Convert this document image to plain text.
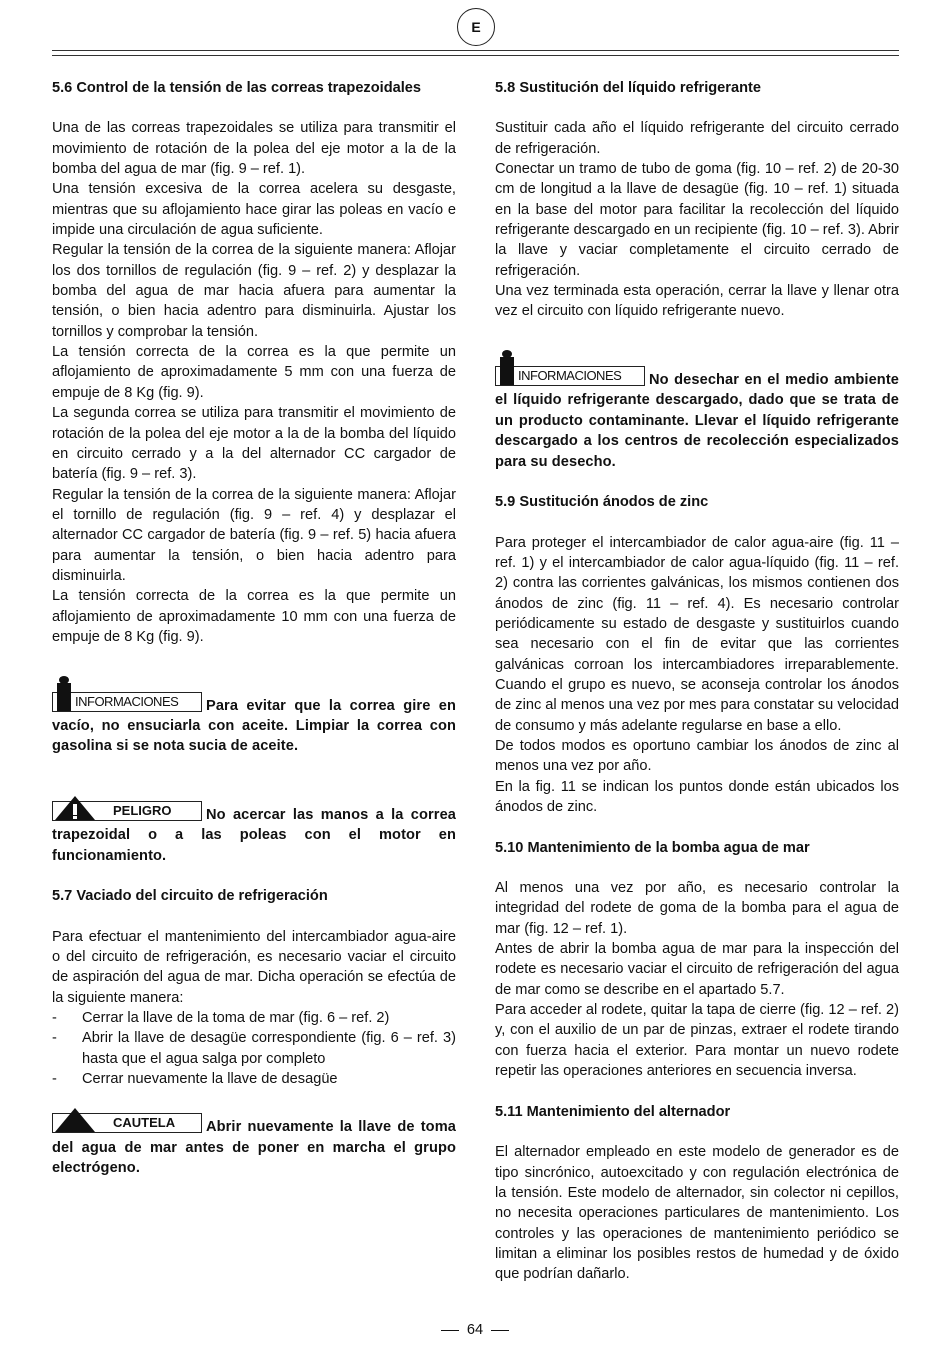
E
5.6 Control de la tensión de las correas trapezoidales

Una de las correas trapezoidales se utiliza para transmitir el movimiento de rotación de la polea del eje motor a la de la bomba del agua de mar (fig. 9 – ref. 1).

Una tensión excesiva de la correa acelera su desgaste, mientras que su aflojamiento hace girar las poleas en vacío e impide una circulación de agua suficiente.

Regular la tensión de la correa de la siguiente manera: Aflojar los dos tornillos de regulación (fig. 9 – ref. 2) y desplazar la bomba del agua de mar hacia afuera para aumentar la tensión, o bien hacia adentro para disminuirla. Ajustar los tornillos y comprobar la tensión.

La tensión correcta de la correa es la que permite un aflojamiento de aproximadamente 5 mm con una fuerza de empuje de 8 Kg (fig. 9).

La segunda correa se utiliza para transmitir el movimiento de rotación de la polea del eje motor a la de la bomba del líquido en circuito cerrado y a la del alternador CC cargador de batería (fig. 9 – ref. 3).

Regular la tensión de la correa de la siguiente manera: Aflojar el tornillo de regulación (fig. 9 – ref. 4) y desplazar el alternador CC cargador de batería (fig. 9 – ref. 5) hacia afuera para aumentar la tensión, o bien hacia adentro para disminuirla.

La tensión correcta de la correa es la que permite un aflojamiento de aproximadamente 10 mm con una fuerza de empuje de 8 Kg (fig. 9).

INFORMACIONES Para evitar que la correa gire en vacío, no ensuciarla con aceite. Limpiar la correa con gasolina si se nota sucia de aceite.

PELIGRO No acercar las manos a la correa trapezoidal o a las poleas con el motor en funcionamiento.

5.7 Vaciado del circuito de refrigeración

Para efectuar el mantenimiento del intercambiador agua-aire o del circuito de refrigeración, es necesario vaciar el circuito de aspiración del agua de mar. Dicha operación se efectúa de la siguiente manera:

- Cerrar la llave de la toma de mar (fig. 6 – ref. 2)
- Abrir la llave de desagüe correspondiente (fig. 6 – ref. 3) hasta que el agua salga por completo
- Cerrar nuevamente la llave de desagüe

CAUTELA Abrir nuevamente la llave de toma del agua de mar antes de poner en marcha el grupo electrógeno.

5.8 Sustitución del líquido refrigerante

Sustituir cada año el líquido refrigerante del circuito cerrado de refrigeración.

Conectar un tramo de tubo de goma (fig. 10 – ref. 2) de 20-30 cm de longitud a la llave de desagüe (fig. 10 – ref. 1) situada en la base del motor para facilitar la recolección del líquido refrigerante descargado en un recipiente (fig. 10 – ref. 3). Abrir la llave y vaciar completamente el circuito cerrado de refrigeración.

Una vez terminada esta operación, cerrar la llave y llenar otra vez el circuito con líquido refrigerante nuevo.

INFORMACIONES No desechar en el medio ambiente el líquido refrigerante descargado, dado que se trata de un producto contaminante. Llevar el líquido refrigerante descargado a los centros de recolección especializados para su desecho.

5.9 Sustitución ánodos de zinc

Para proteger el intercambiador de calor agua-aire (fig. 11 – ref. 1) y el intercambiador de calor agua-líquido (fig. 11 – ref. 2) contra las corrientes galvánicas, los mismos contienen dos ánodos de zinc (fig. 11 – ref. 4). Es necesario controlar periódicamente su estado de desgaste y sustituirlos cuando sea necesario con el fin de evitar que las corrientes galvánicas corroan los intercambiadores irreparablemente. Cuando el grupo es nuevo, se aconseja controlar los ánodos de zinc al menos una vez por mes para constatar su velocidad de consumo y más adelante regularse en base a ello.

De todos modos es oportuno cambiar los ánodos de zinc al menos una vez por año.

En la fig. 11 se indican los puntos donde están ubicados los ánodos de zinc.

5.10 Mantenimiento de la bomba agua de mar

Al menos una vez por año, es necesario controlar la integridad del rodete de goma de la bomba para el agua de mar (fig. 12 – ref. 1).

Antes de abrir la bomba agua de mar para la inspección del rodete es necesario vaciar el circuito de refrigeración del agua de mar como se describe en el apartado 5.7.

Para acceder al rodete, quitar la tapa de cierre (fig. 12 – ref. 2) y, con el auxilio de un par de pinzas, extraer el rodete tirando con fuerza hacia el exterior. Para montar un nuevo rodete repetir las operaciones anteriores en secuencia inversa.

5.11 Mantenimiento del alternador

El alternador empleado en este modelo de generador es de tipo sincrónico, autoexcitado y con regulación electrónica de la tensión. Este modelo de alternador, sin colector ni cepillos, no necesita operaciones particulares de mantenimiento. Los controles y las operaciones de mantenimiento periódico se limitan a eliminar los posibles restos de humedad y de óxido que podrían dañarlo.

64
